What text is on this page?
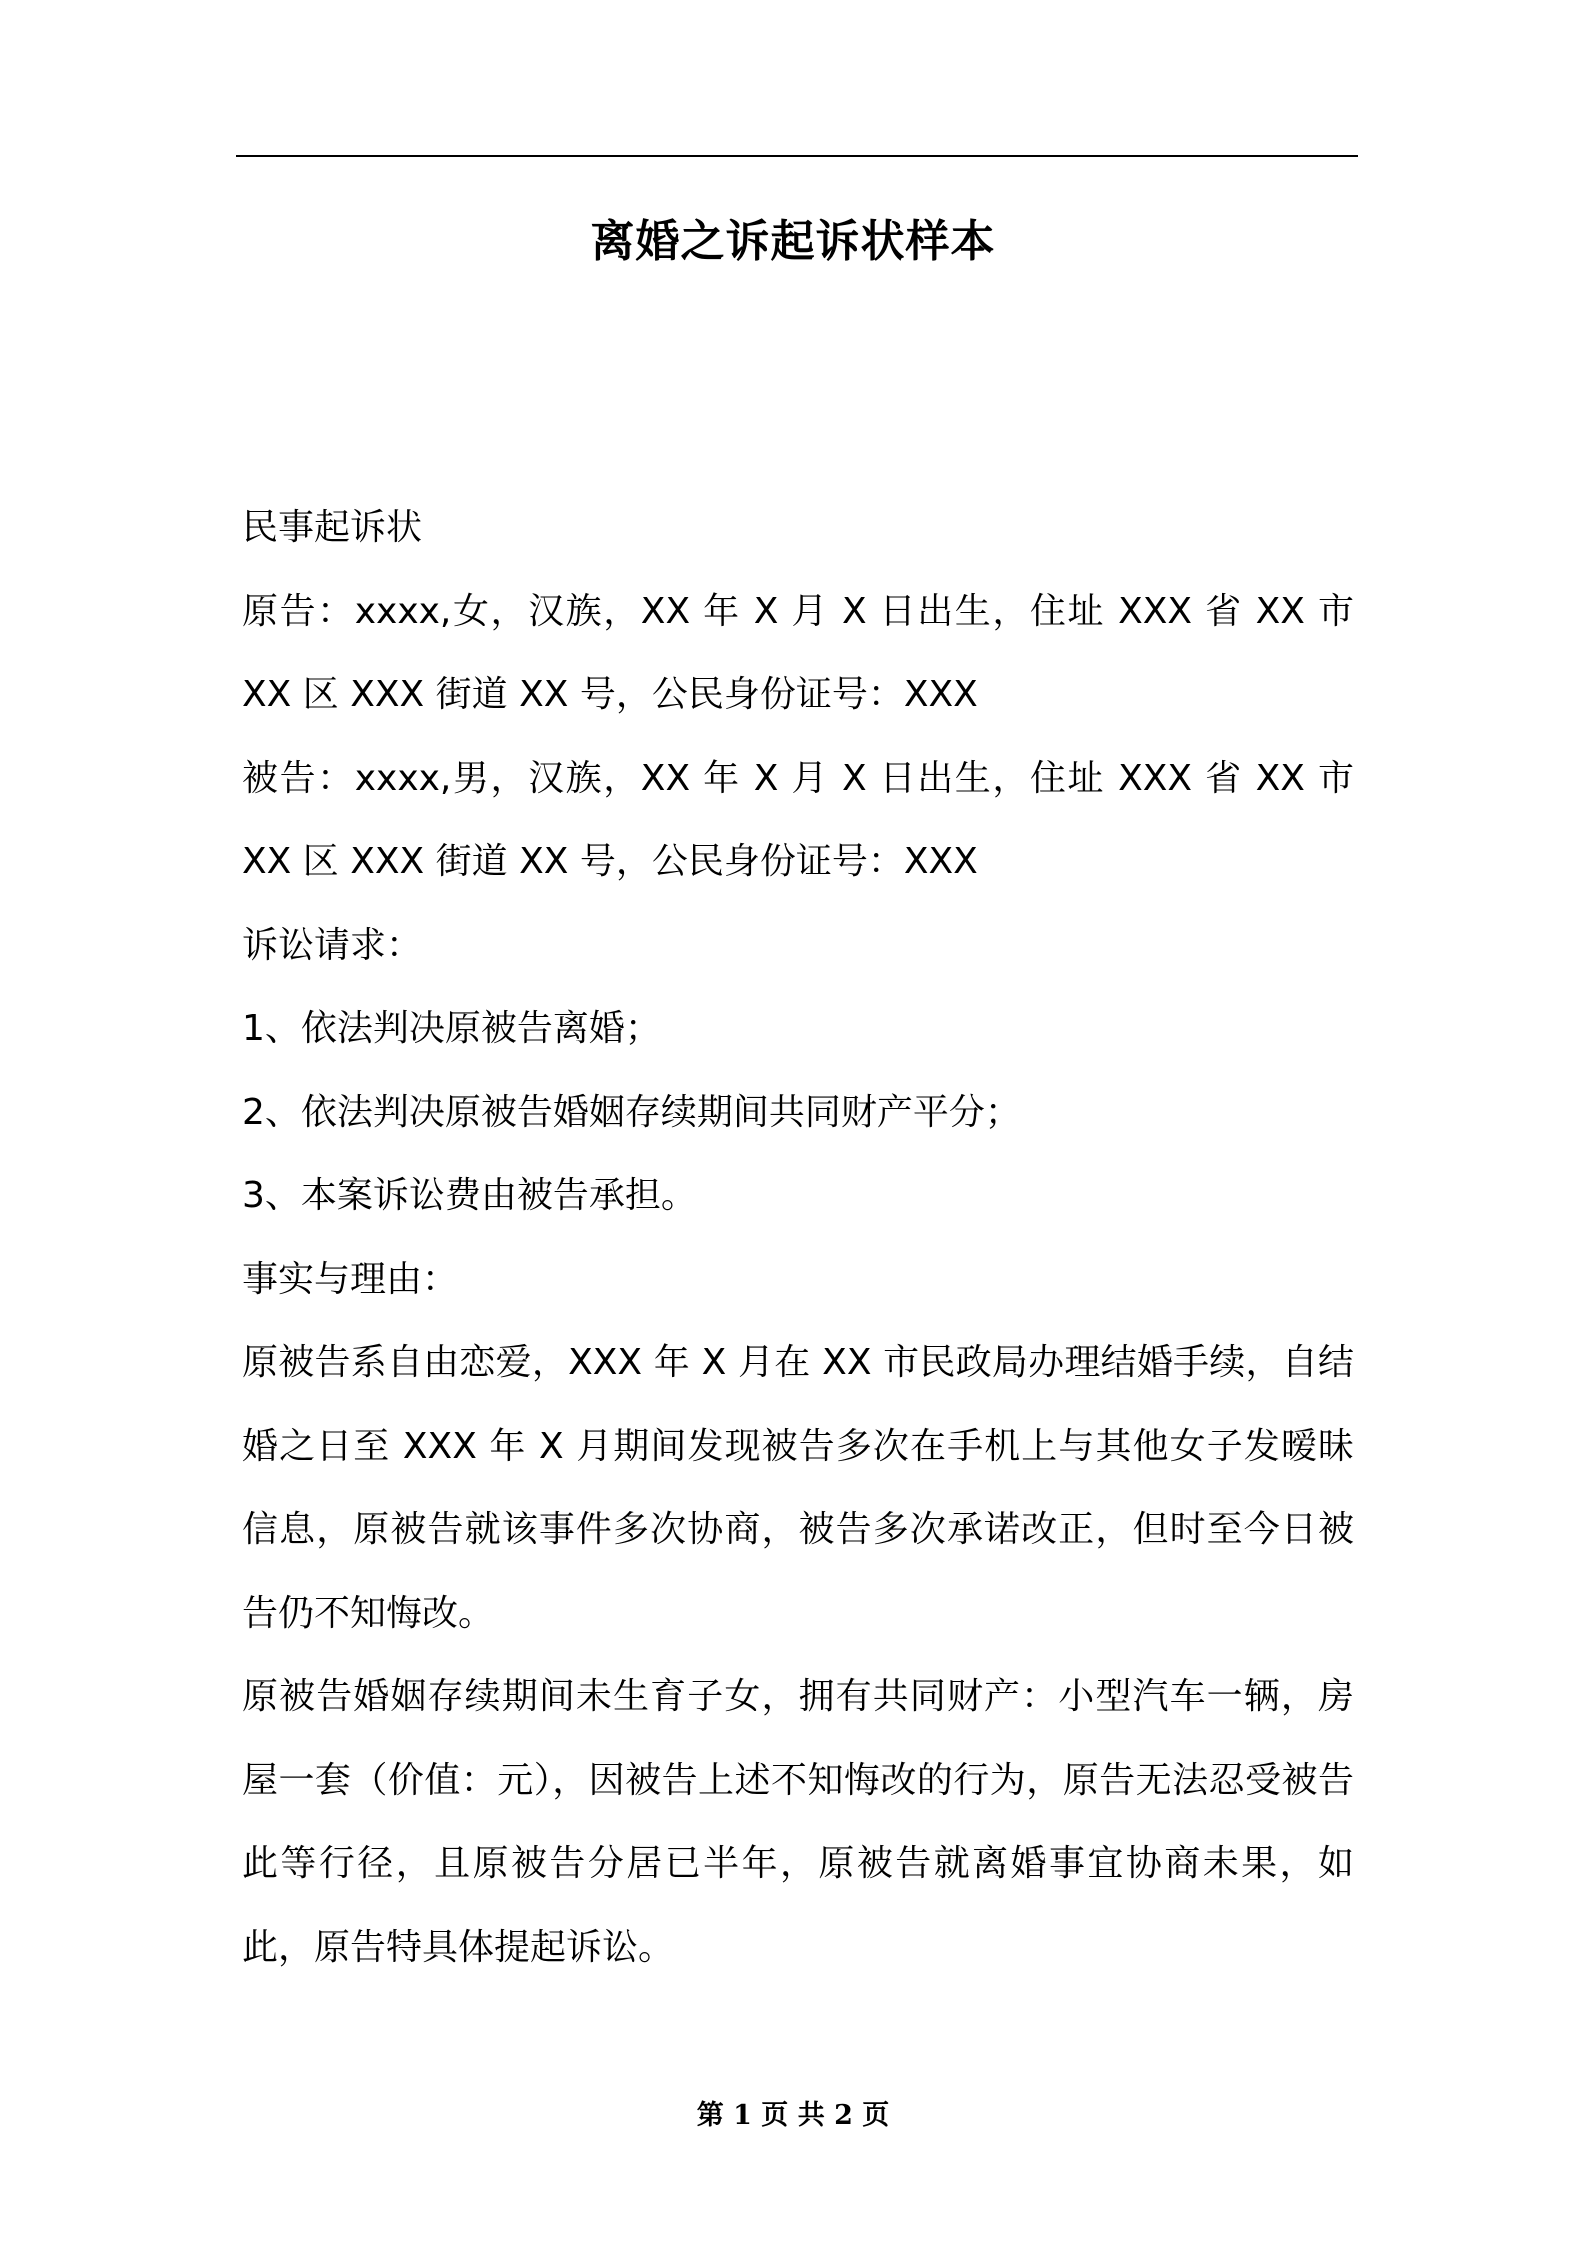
离婚之诉起诉状样本

民事起诉状

原告：xxxx,女，汉族，XX 年 X 月 X 日出生，住址 XXX 省 XX 市 XX 区 XXX 街道 XX 号，公民身份证号：XXX

被告：xxxx,男，汉族，XX 年 X 月 X 日出生，住址 XXX 省 XX 市 XX 区 XXX 街道 XX 号，公民身份证号：XXX

诉讼请求：

1、依法判决原被告离婚；

2、依法判决原被告婚姻存续期间共同财产平分；

3、本案诉讼费由被告承担。

事实与理由：

原被告系自由恋爱，XXX 年 X 月在 XX 市民政局办理结婚手续，自结婚之日至 XXX 年 X 月期间发现被告多次在手机上与其他女子发暧昧信息，原被告就该事件多次协商，被告多次承诺改正，但时至今日被告仍不知悔改。

原被告婚姻存续期间未生育子女，拥有共同财产：小型汽车一辆，房屋一套（价值：元），因被告上述不知悔改的行为，原告无法忍受被告此等行径，且原被告分居已半年，原被告就离婚事宜协商未果，如此，原告特具体提起诉讼。

第 1 页 共 2 页
